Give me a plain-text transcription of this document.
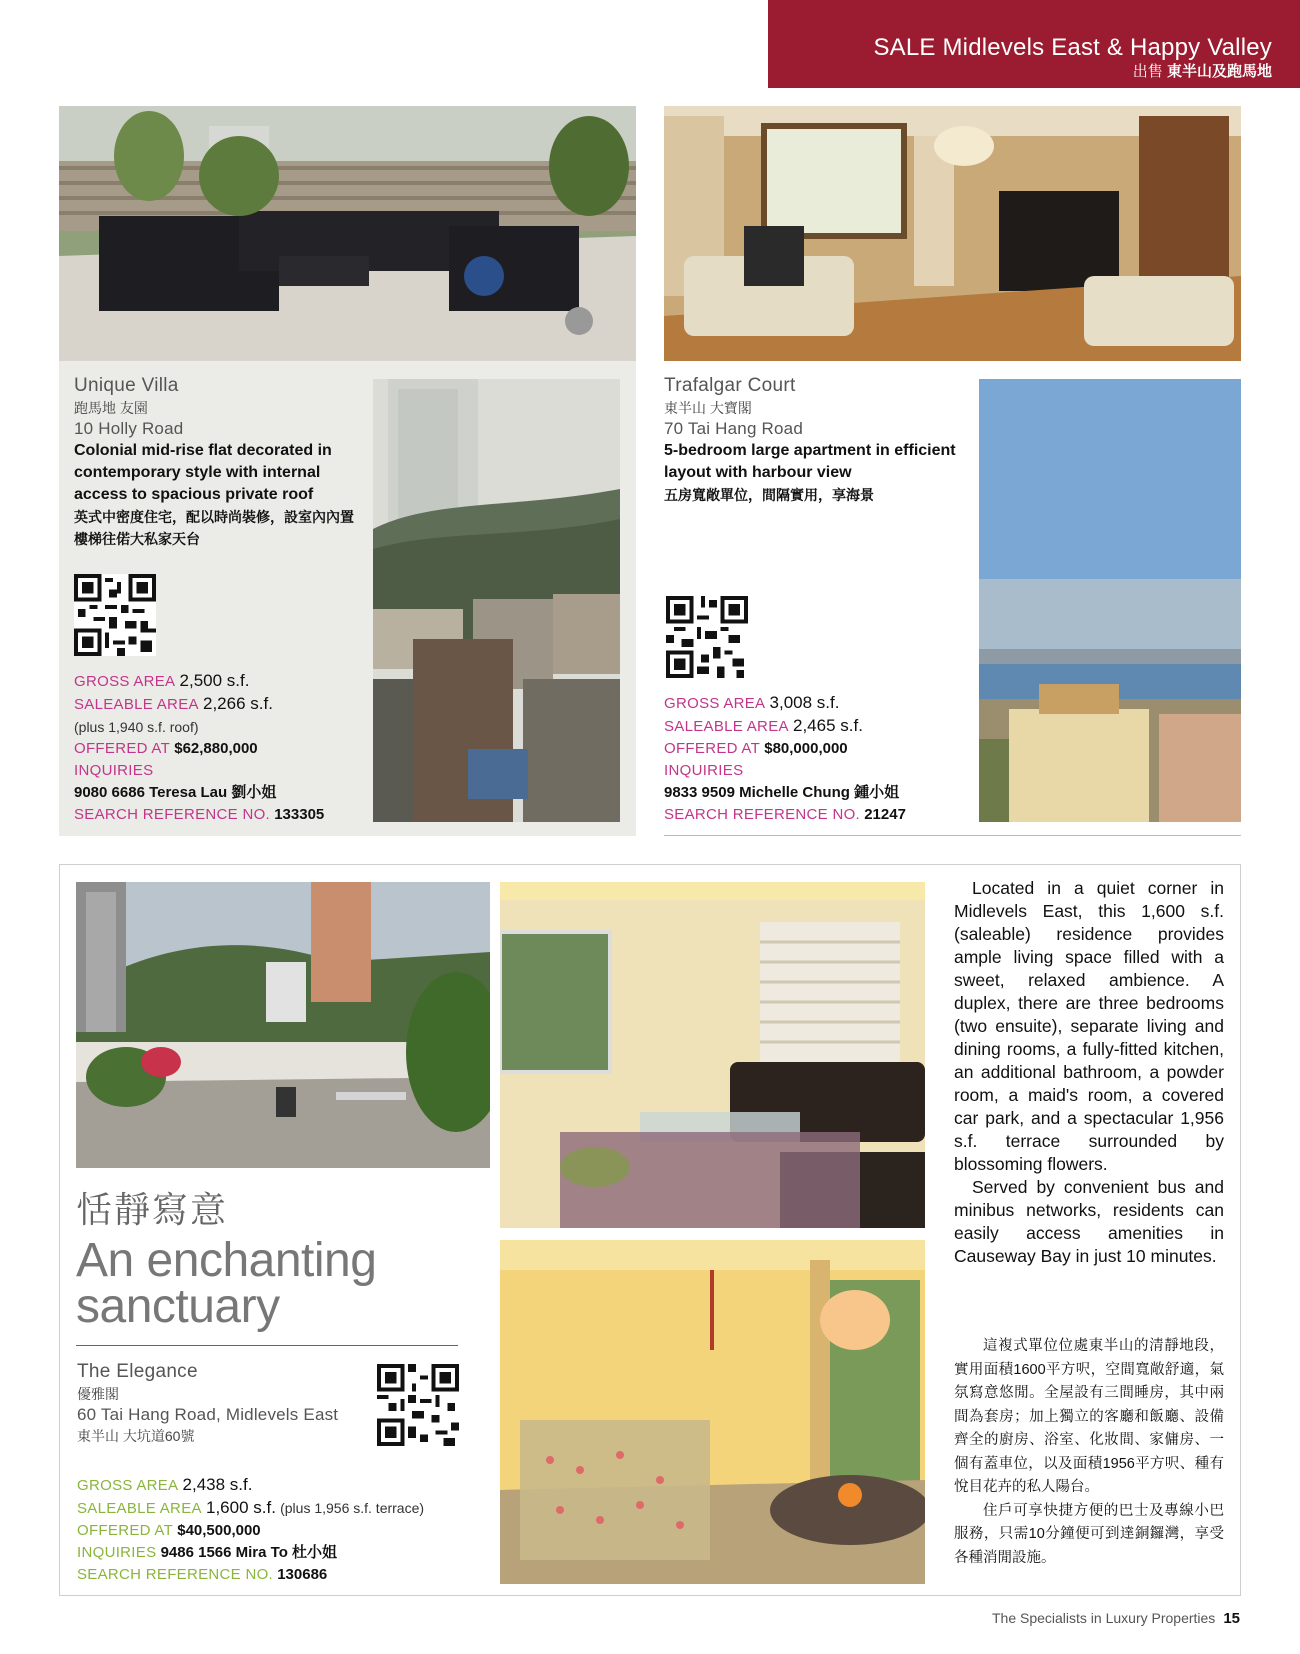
SALE Midlevels East & Happy Valley
出售 東半山及跑馬地
Unique Villa
跑馬地 友園
10 Holly Road
Colonial mid-rise flat decorated in contemporary style with internal access to spacious private roof
英式中密度住宅，配以時尚裝修，設室內內置樓梯往偌大私家天台
GROSS AREA 2,500 s.f.
SALEABLE AREA 2,266 s.f.
(plus 1,940 s.f. roof)
OFFERED AT $62,880,000
INQUIRIES
9080 6686 Teresa Lau 劉小姐
SEARCH REFERENCE NO. 133305
Trafalgar Court
東半山 大寶閣
70 Tai Hang Road
5-bedroom large apartment in efficient layout with harbour view
五房寬敞單位，間隔實用，享海景
GROSS AREA 3,008 s.f.
SALEABLE AREA 2,465 s.f.
OFFERED AT $80,000,000
INQUIRIES
9833 9509 Michelle Chung 鍾小姐
SEARCH REFERENCE NO. 21247
恬靜寫意
An enchanting
sanctuary
The Elegance
優雅閣
60 Tai Hang Road, Midlevels East
東半山 大坑道60號
GROSS AREA 2,438 s.f.
SALEABLE AREA 1,600 s.f. (plus 1,956 s.f. terrace)
OFFERED AT $40,500,000
INQUIRIES 9486 1566 Mira To 杜小姐
SEARCH REFERENCE NO. 130686

Located in a quiet corner in Midlevels East, this 1,600 s.f. (saleable) residence provides ample living space filled with a sweet, relaxed ambience. A duplex, there are three bedrooms (two ensuite), separate living and dining rooms, a fully-fitted kitchen, an additional bathroom, a powder room, a maid's room, a covered car park, and a spectacular 1,956 s.f. terrace surrounded by blossoming flowers.

Served by convenient bus and minibus networks, residents can easily access amenities in Causeway Bay in just 10 minutes.

這複式單位位處東半山的清靜地段，實用面積1600平方呎，空間寬敞舒適，氣氛寫意悠閒。全屋設有三間睡房，其中兩間為套房；加上獨立的客廳和飯廳、設備齊全的廚房、浴室、化妝間、家傭房、一個有蓋車位，以及面積1956平方呎、種有悅目花卉的私人陽台。

住戶可享快捷方便的巴士及專線小巴服務，只需10分鐘便可到達銅鑼灣，享受各種消閒設施。

The Specialists in Luxury Properties 15
